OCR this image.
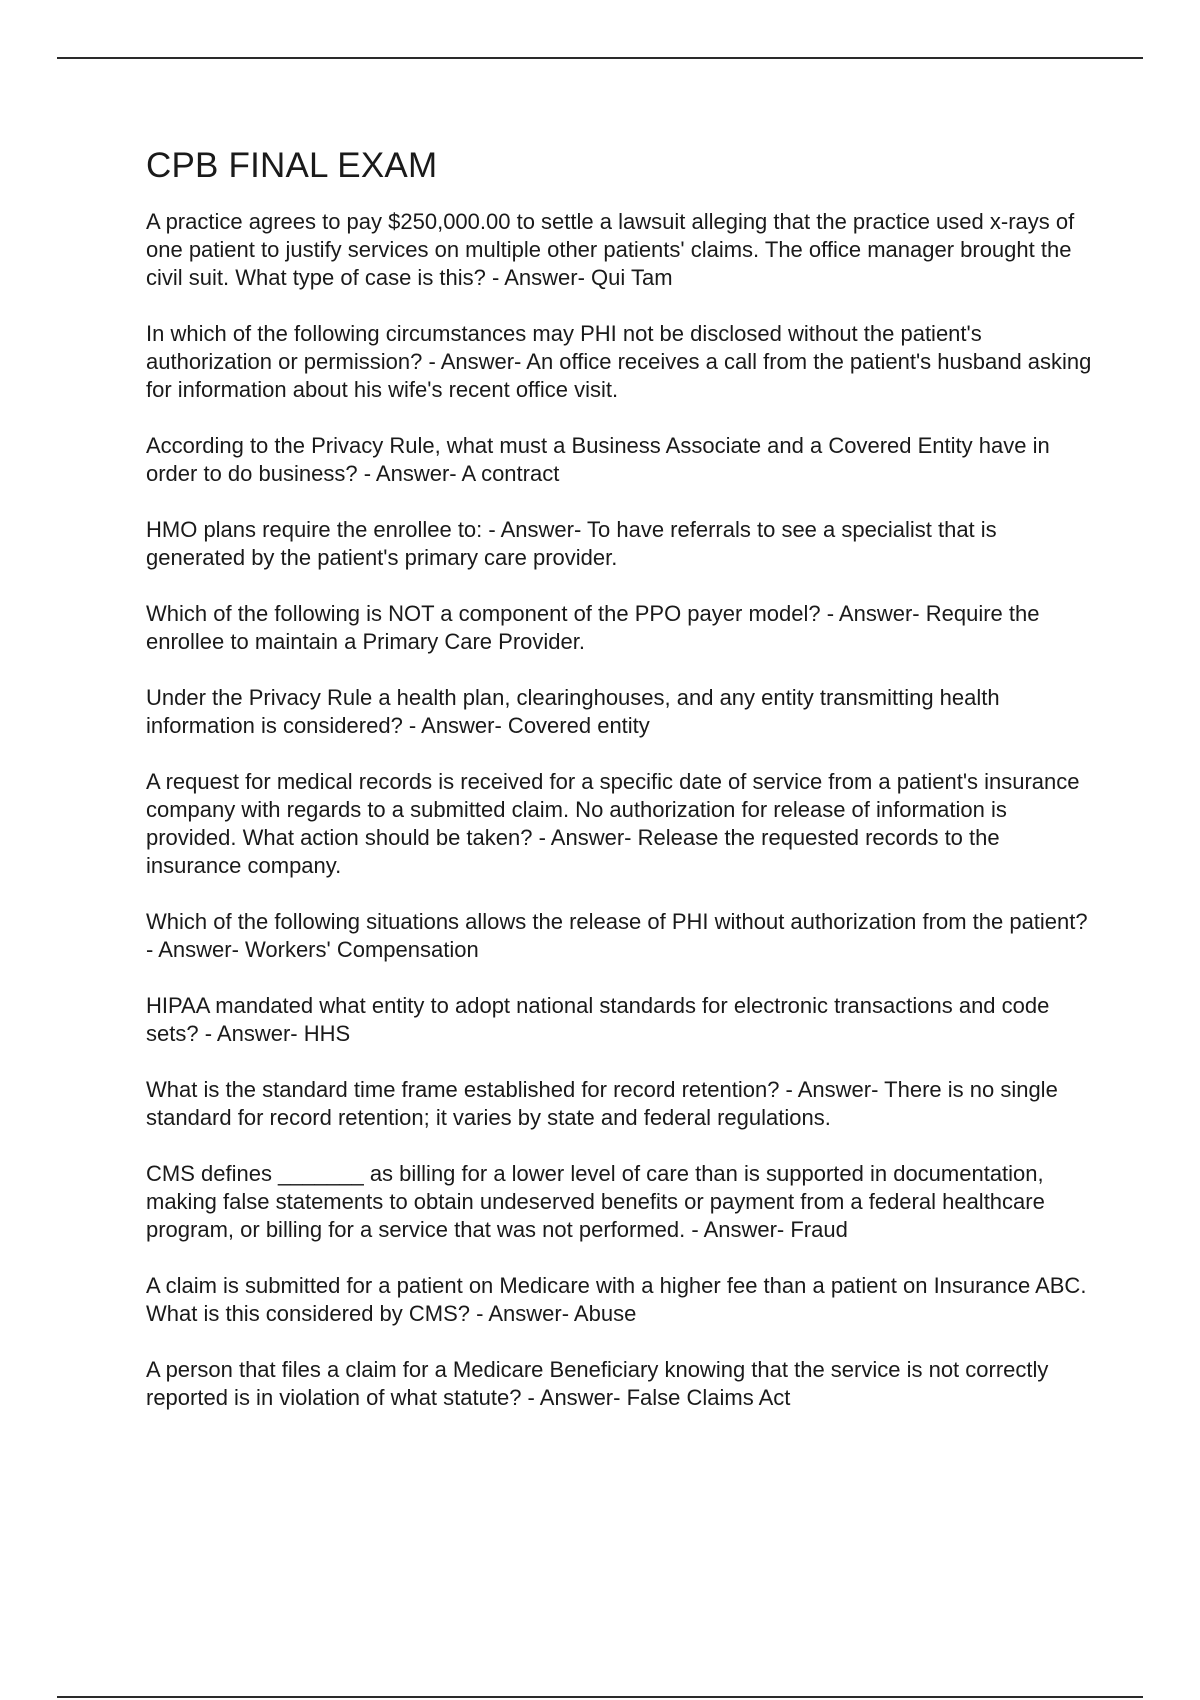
CPB FINAL EXAM
A practice agrees to pay $250,000.00 to settle a lawsuit alleging that the practice used x-rays of one patient to justify services on multiple other patients' claims. The office manager brought the civil suit. What type of case is this? - Answer- Qui Tam
In which of the following circumstances may PHI not be disclosed without the patient's authorization or permission? - Answer- An office receives a call from the patient's husband asking for information about his wife's recent office visit.
According to the Privacy Rule, what must a Business Associate and a Covered Entity have in order to do business? - Answer- A contract
HMO plans require the enrollee to: - Answer- To have referrals to see a specialist that is generated by the patient's primary care provider.
Which of the following is NOT a component of the PPO payer model? - Answer- Require the enrollee to maintain a Primary Care Provider.
Under the Privacy Rule a health plan, clearinghouses, and any entity transmitting health information is considered? - Answer- Covered entity
A request for medical records is received for a specific date of service from a patient's insurance company with regards to a submitted claim. No authorization for release of information is provided. What action should be taken? - Answer- Release the requested records to the insurance company.
Which of the following situations allows the release of PHI without authorization from the patient? - Answer- Workers' Compensation
HIPAA mandated what entity to adopt national standards for electronic transactions and code sets? - Answer- HHS
What is the standard time frame established for record retention? - Answer- There is no single standard for record retention; it varies by state and federal regulations.
CMS defines _______ as billing for a lower level of care than is supported in documentation, making false statements to obtain undeserved benefits or payment from a federal healthcare program, or billing for a service that was not performed. - Answer- Fraud
A claim is submitted for a patient on Medicare with a higher fee than a patient on Insurance ABC. What is this considered by CMS? - Answer- Abuse
A person that files a claim for a Medicare Beneficiary knowing that the service is not correctly reported is in violation of what statute? - Answer- False Claims Act
